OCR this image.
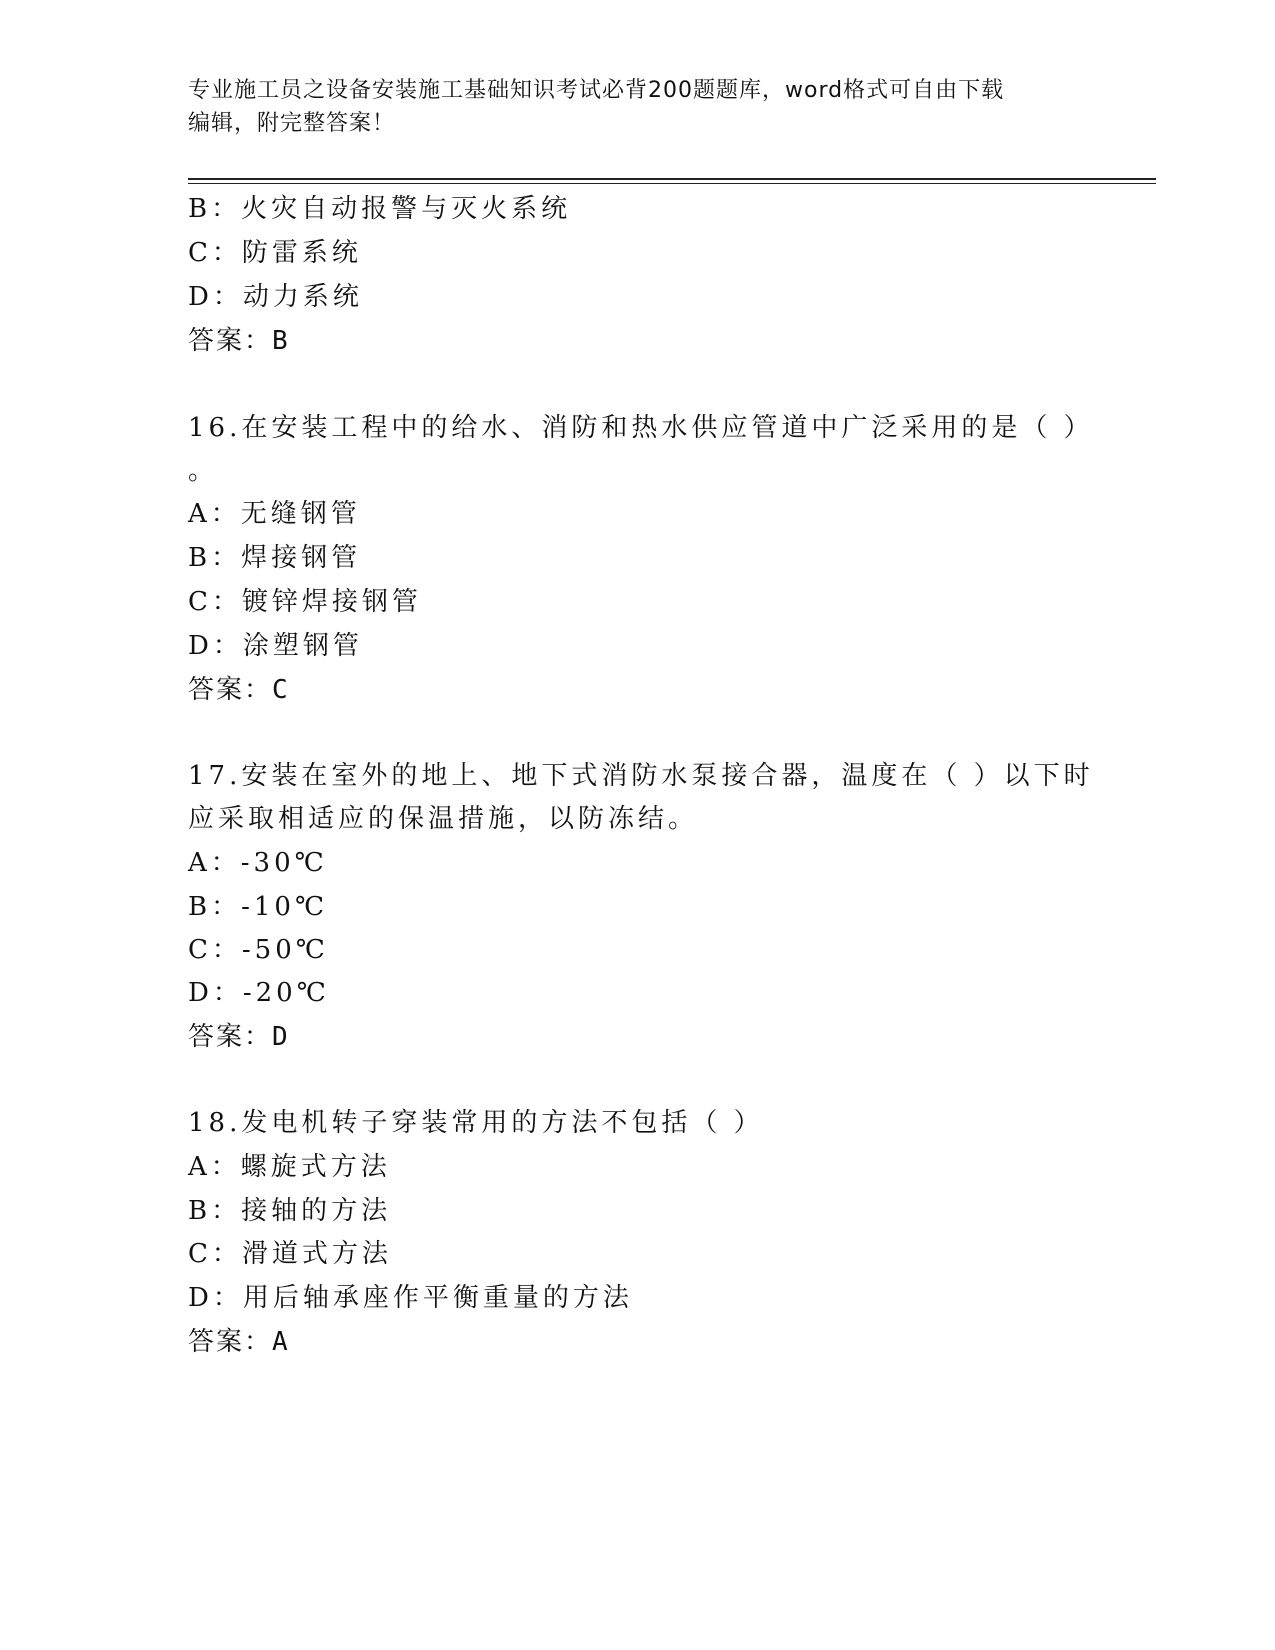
专业施工员之设备安装施工基础知识考试必背200题题库，word格式可自由下载
编辑，附完整答案！
B：火灾自动报警与灭火系统
C：防雷系统
D：动力系统
答案：B
16.在安装工程中的给水、消防和热水供应管道中广泛采用的是（ ）
。
A：无缝钢管
B：焊接钢管
C：镀锌焊接钢管
D：涂塑钢管
答案：C
17.安装在室外的地上、地下式消防水泵接合器，温度在（ ）以下时
应采取相适应的保温措施，以防冻结。
A：-30℃
B：-10℃
C：-50℃
D：-20℃
答案：D
18.发电机转子穿装常用的方法不包括（ ）
A：螺旋式方法
B：接轴的方法
C：滑道式方法
D：用后轴承座作平衡重量的方法
答案：A
